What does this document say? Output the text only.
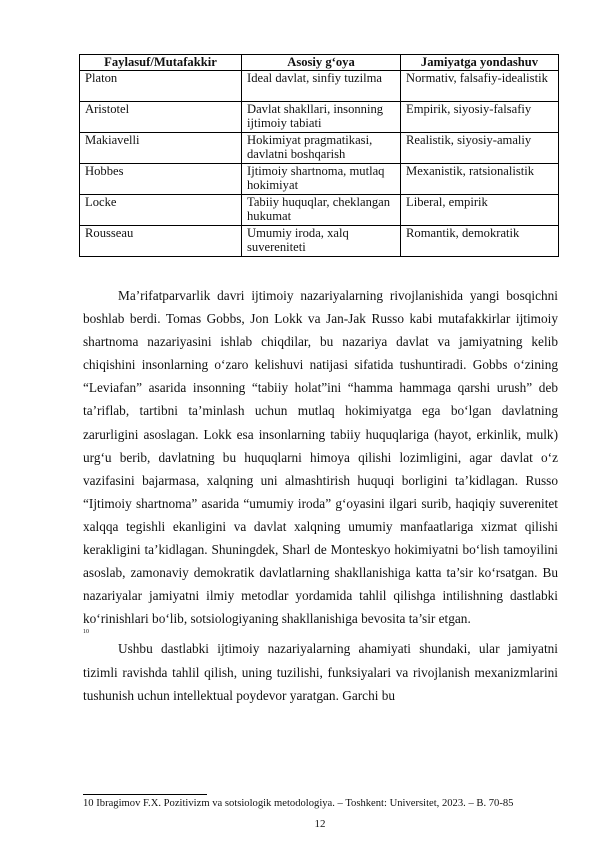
Faylasuf/Mutafakkir	Asosiy g‘oya	Jamiyatga yondashuv
Platon	Ideal davlat, sinfiy tuzilma	Normativ, falsafiy-idealistik
Aristotel	Davlat shakllari, insonning ijtimoiy tabiati	Empirik, siyosiy-falsafiy
Makiavelli	Hokimiyat pragmatikasi, davlatni boshqarish	Realistik, siyosiy-amaliy
Hobbes	Ijtimoiy shartnoma, mutlaq hokimiyat	Mexanistik, ratsionalistik
Locke	Tabiiy huquqlar, cheklangan hukumat	Liberal, empirik
Rousseau	Umumiy iroda, xalq suvereniteti	Romantik, demokratik

Ma’rifatparvarlik davri ijtimoiy nazariyalarning rivojlanishida yangi bosqichni boshlab berdi. Tomas Gobbs, Jon Lokk va Jan-Jak Russo kabi mutafakkirlar ijtimoiy shartnoma nazariyasini ishlab chiqdilar, bu nazariya davlat va jamiyatning kelib chiqishini insonlarning o‘zaro kelishuvi natijasi sifatida tushuntiradi. Gobbs o‘zining “Leviafan” asarida insonning “tabiiy holat”ini “hamma hammaga qarshi urush” deb ta’riflab, tartibni ta’minlash uchun mutlaq hokimiyatga ega bo‘lgan davlatning zarurligini asoslagan. Lokk esa insonlarning tabiiy huquqlariga (hayot, erkinlik, mulk) urg‘u berib, davlatning bu huquqlarni himoya qilishi lozimligini, agar davlat o‘z vazifasini bajarmasa, xalqning uni almashtirish huquqi borligini ta’kidlagan. Russo “Ijtimoiy shartnoma” asarida “umumiy iroda” g‘oyasini ilgari surib, haqiqiy suverenitet xalqqa tegishli ekanligini va davlat xalqning umumiy manfaatlariga xizmat qilishi kerakligini ta’kidlagan. Shuningdek, Sharl de Monteskyo hokimiyatni bo‘lish tamoyilini asoslab, zamonaviy demokratik davlatlarning shakllanishiga katta ta’sir ko‘rsatgan. Bu nazariyalar jamiyatni ilmiy metodlar yordamida tahlil qilishga intilishning dastlabki ko‘rinishlari bo‘lib, sotsiologiyaning shakllanishiga bevosita ta’sir etgan.

10

Ushbu dastlabki ijtimoiy nazariyalarning ahamiyati shundaki, ular jamiyatni tizimli ravishda tahlil qilish, uning tuzilishi, funksiyalari va rivojlanish mexanizmlarini tushunish uchun intellektual poydevor yaratgan. Garchi bu

10 Ibragimov F.X. Pozitivizm va sotsiologik metodologiya. – Toshkent: Universitet, 2023. – B. 70-85
12
